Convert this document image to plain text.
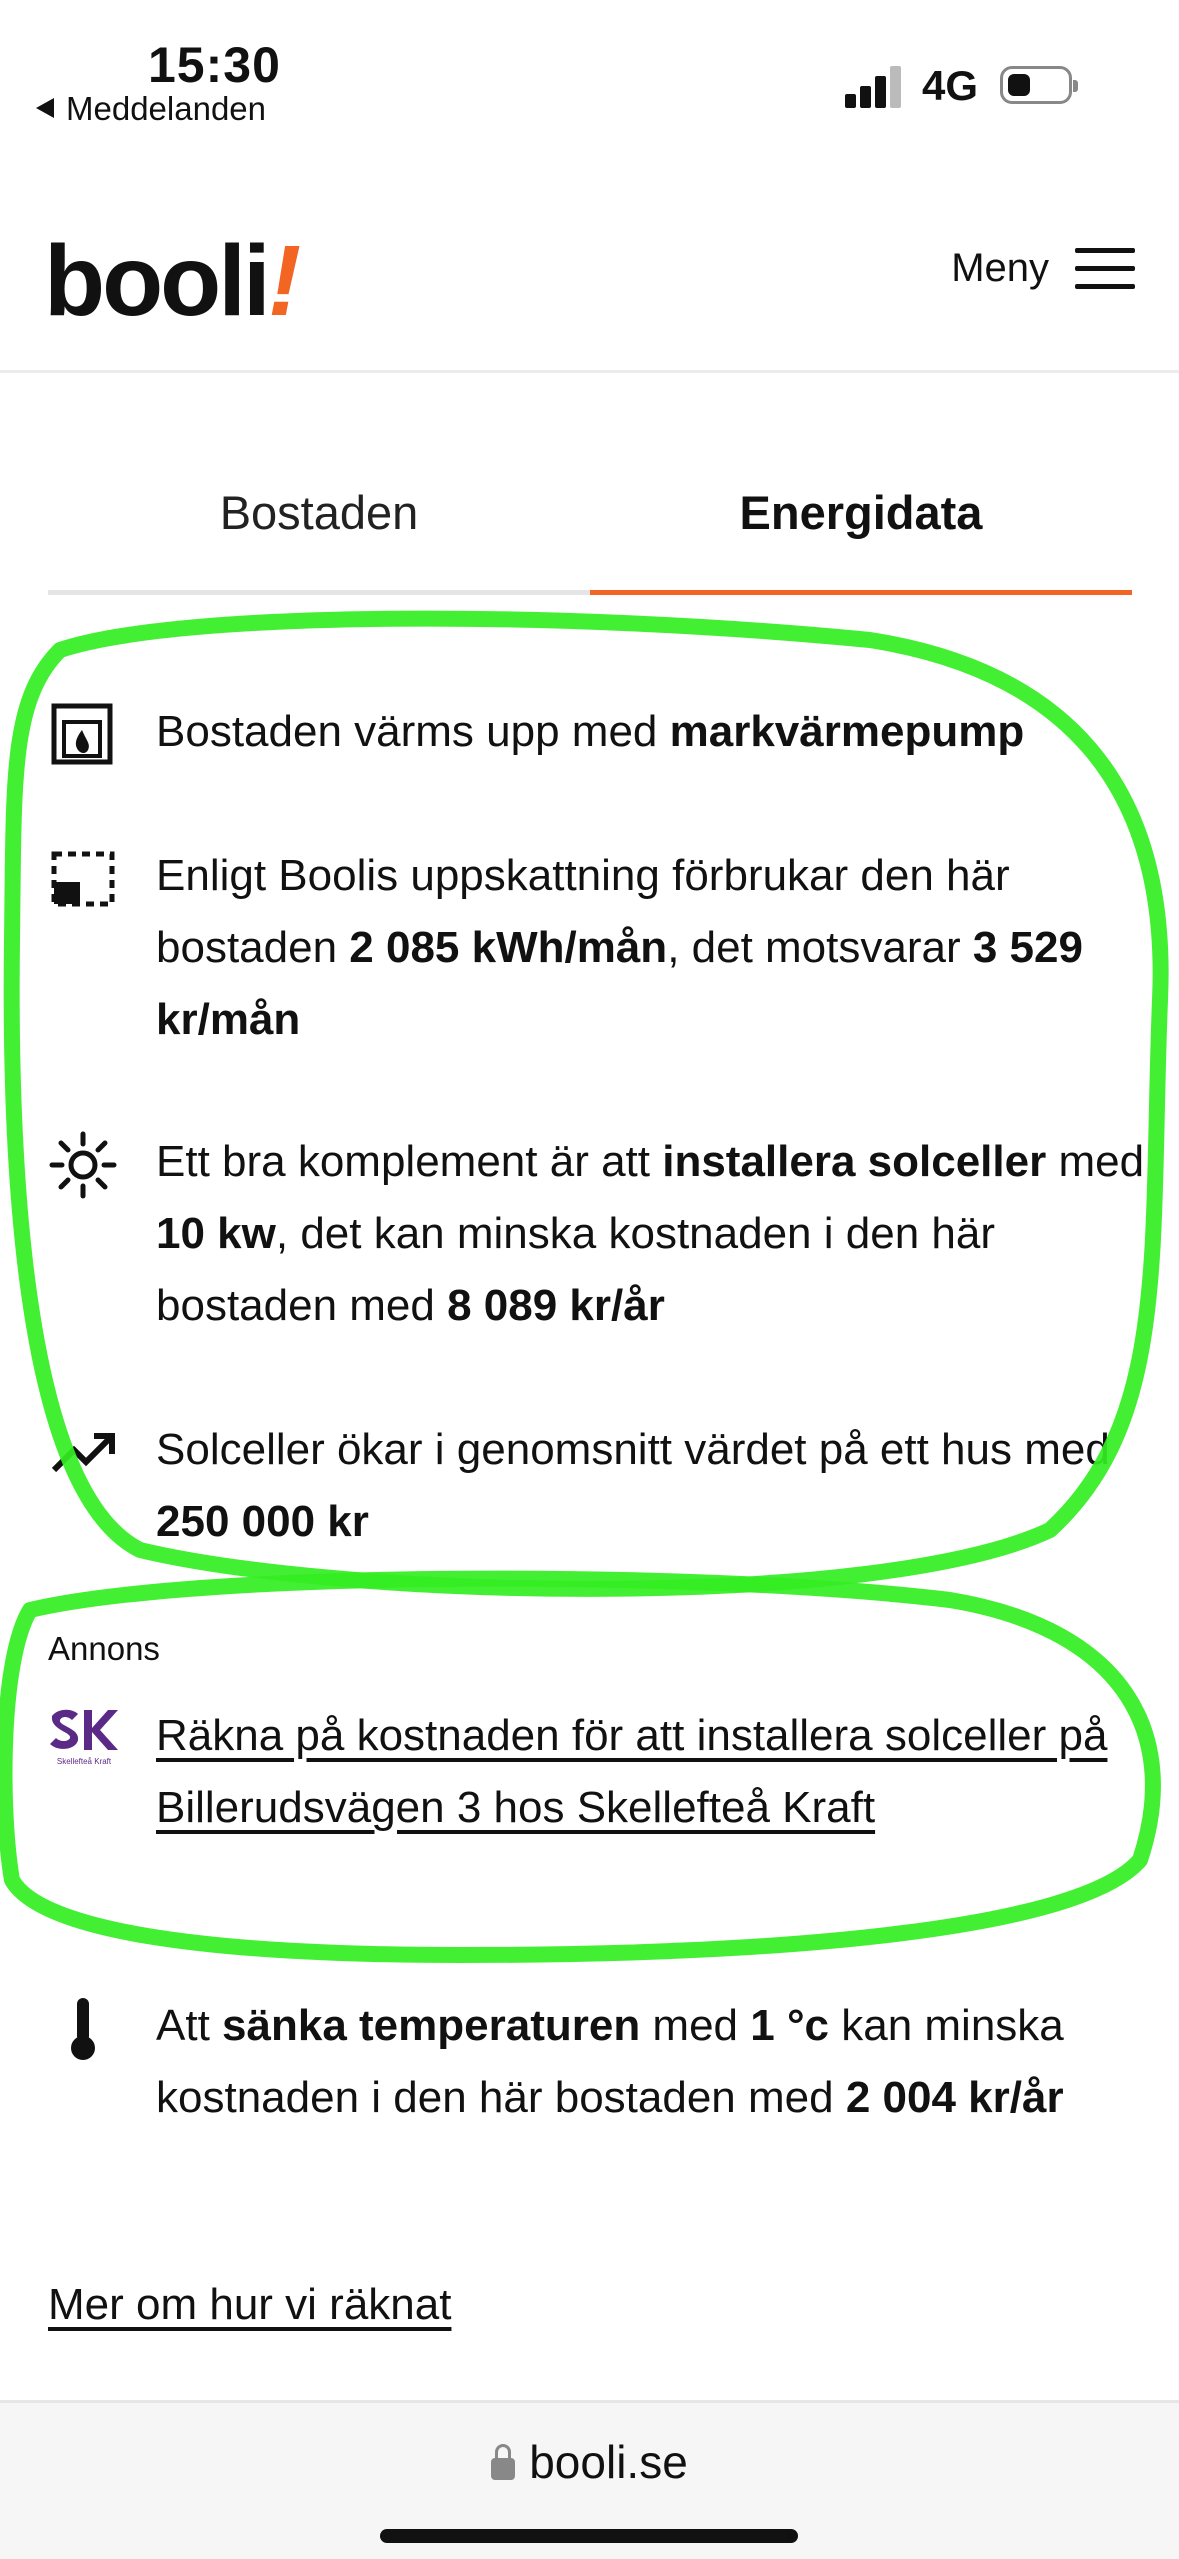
15:30
Meddelanden	4G
booli!	Meny
Bostaden	Energidata
Bostaden värms upp med markvärmepump
Enligt Boolis uppskattning förbrukar den här bostaden 2 085 kWh/mån, det motsvarar 3 529 kr/mån
Ett bra komplement är att installera solceller med 10 kw, det kan minska kostnaden i den här bostaden med 8 089 kr/år
Solceller ökar i genomsnitt värdet på ett hus med 250 000 kr
Annons
Skellefteå Kraft
Räkna på kostnaden för att installera solceller på Billerudsvägen 3 hos Skellefteå Kraft
Att sänka temperaturen med 1 °c kan minska kostnaden i den här bostaden med 2 004 kr/år
Mer om hur vi räknat
booli.se
